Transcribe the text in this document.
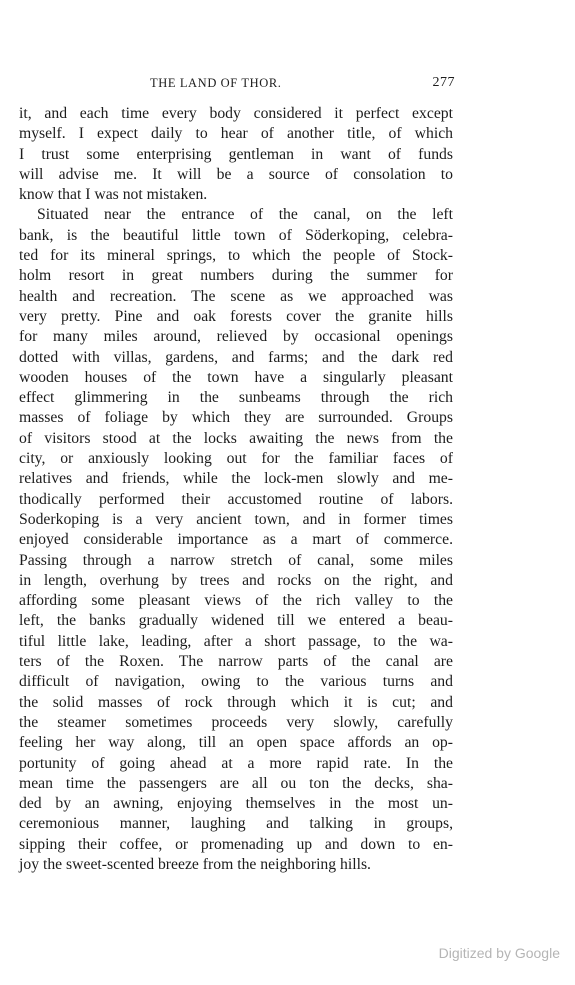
THE LAND OF THOR.	277
it, and each time every body considered it perfect except
myself. I expect daily to hear of another title, of which
I trust some enterprising gentleman in want of funds
will advise me. It will be a source of consolation to
know that I was not mistaken.
Situated near the entrance of the canal, on the left
bank, is the beautiful little town of Söderkoping, celebra-
ted for its mineral springs, to which the people of Stock-
holm resort in great numbers during the summer for
health and recreation. The scene as we approached was
very pretty. Pine and oak forests cover the granite hills
for many miles around, relieved by occasional openings
dotted with villas, gardens, and farms; and the dark red
wooden houses of the town have a singularly pleasant
effect glimmering in the sunbeams through the rich
masses of foliage by which they are surrounded. Groups
of visitors stood at the locks awaiting the news from the
city, or anxiously looking out for the familiar faces of
relatives and friends, while the lock-men slowly and me-
thodically performed their accustomed routine of labors.
Soderkoping is a very ancient town, and in former times
enjoyed considerable importance as a mart of commerce.
Passing through a narrow stretch of canal, some miles
in length, overhung by trees and rocks on the right, and
affording some pleasant views of the rich valley to the
left, the banks gradually widened till we entered a beau-
tiful little lake, leading, after a short passage, to the wa-
ters of the Roxen. The narrow parts of the canal are
difficult of navigation, owing to the various turns and
the solid masses of rock through which it is cut; and
the steamer sometimes proceeds very slowly, carefully
feeling her way along, till an open space affords an op-
portunity of going ahead at a more rapid rate. In the
mean time the passengers are all ou ton the decks, sha-
ded by an awning, enjoying themselves in the most un-
ceremonious manner, laughing and talking in groups,
sipping their coffee, or promenading up and down to en-
joy the sweet-scented breeze from the neighboring hills.
Digitized by Google
